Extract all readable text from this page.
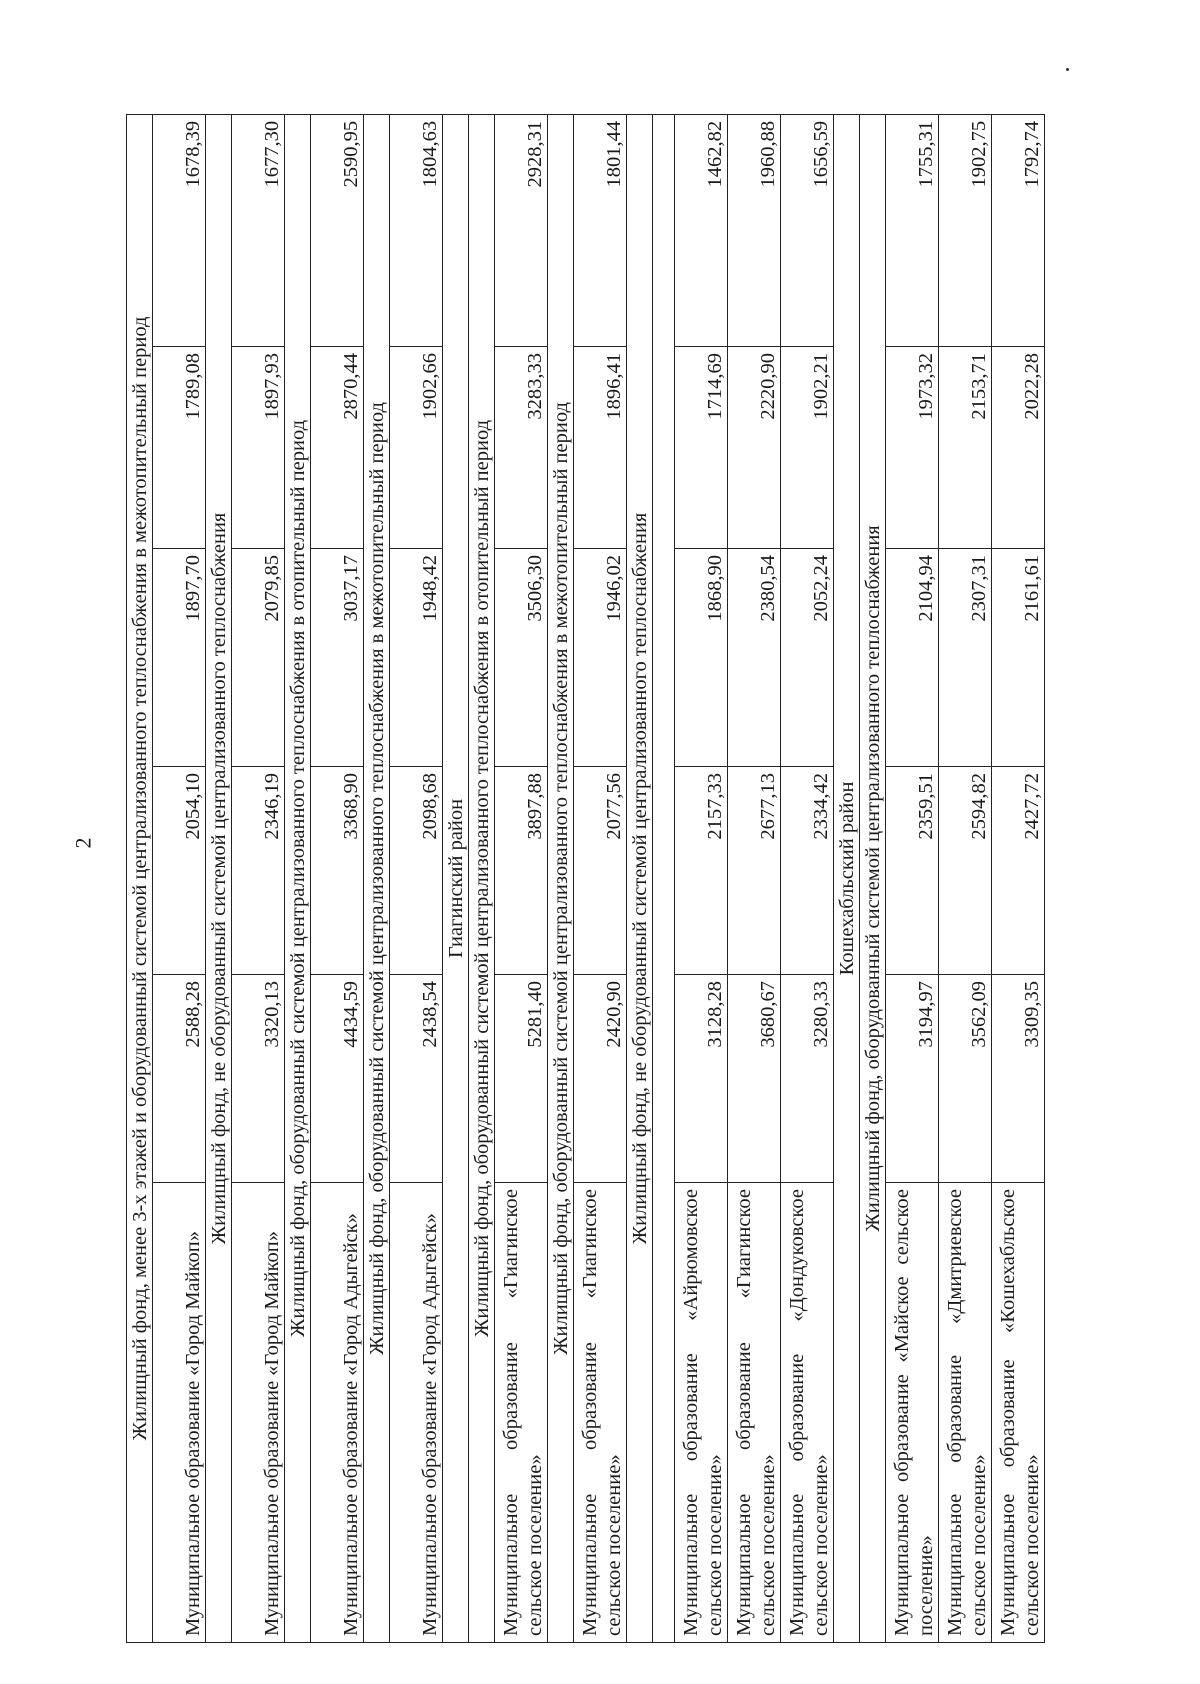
2 Жилищный фонд, менее 3-х этажей и оборудованный системой централизованного теплоснабжения в межотопительный период					
Муниципальное образование «Город Майкоп»	2588,28	2054,10	1897,70	1789,08	1678,39
Жилищный фонд, не оборудованный системой централизованного теплоснабжения					
Муниципальное образование «Город Майкоп»	3320,13	2346,19	2079,85	1897,93	1677,30
Жилищный фонд, оборудованный системой централизованного теплоснабжения в отопительный период					
Муниципальное образование «Город Адыгейск»	4434,59	3368,90	3037,17	2870,44	2590,95
Жилищный фонд, оборудованный системой централизованного теплоснабжения в межотопительный период					
Муниципальное образование «Город Адыгейск»	2438,54	2098,68	1948,42	1902,66	1804,63
Гиагинский район					
Жилищный фонд, оборудованный системой централизованного теплоснабжения в отопительный период					
Муниципальное образование «Гиагинское сельское поселение»	5281,40	3897,88	3506,30	3283,33	2928,31
Жилищный фонд, оборудованный системой централизованного теплоснабжения в межотопительный период					
Муниципальное образование «Гиагинское сельское поселение»	2420,90	2077,56	1946,02	1896,41	1801,44
Жилищный фонд, не оборудованный системой централизованного теплоснабжения					

Муниципальное образование «Айрюмовское сельское поселение»	3128,28	2157,33	1868,90	1714,69	1462,82
Муниципальное образование «Гиагинское сельское поселение»	3680,67	2677,13	2380,54	2220,90	1960,88
Муниципальное образование «Дондуковское сельское поселение»	3280,33	2334,42	2052,24	1902,21	1656,59
Кошехабльский район					
Жилищный фонд, оборудованный системой централизованного теплоснабжения					
Муниципальное образование «Майское сельское поселение»	3194,97	2359,51	2104,94	1973,32	1755,31
Муниципальное образование «Дмитриевское сельское поселение»	3562,09	2594,82	2307,31	2153,71	1902,75
Муниципальное образование «Кошехабльское сельское поселение»	3309,35	2427,72	2161,61	2022,28	1792,74
